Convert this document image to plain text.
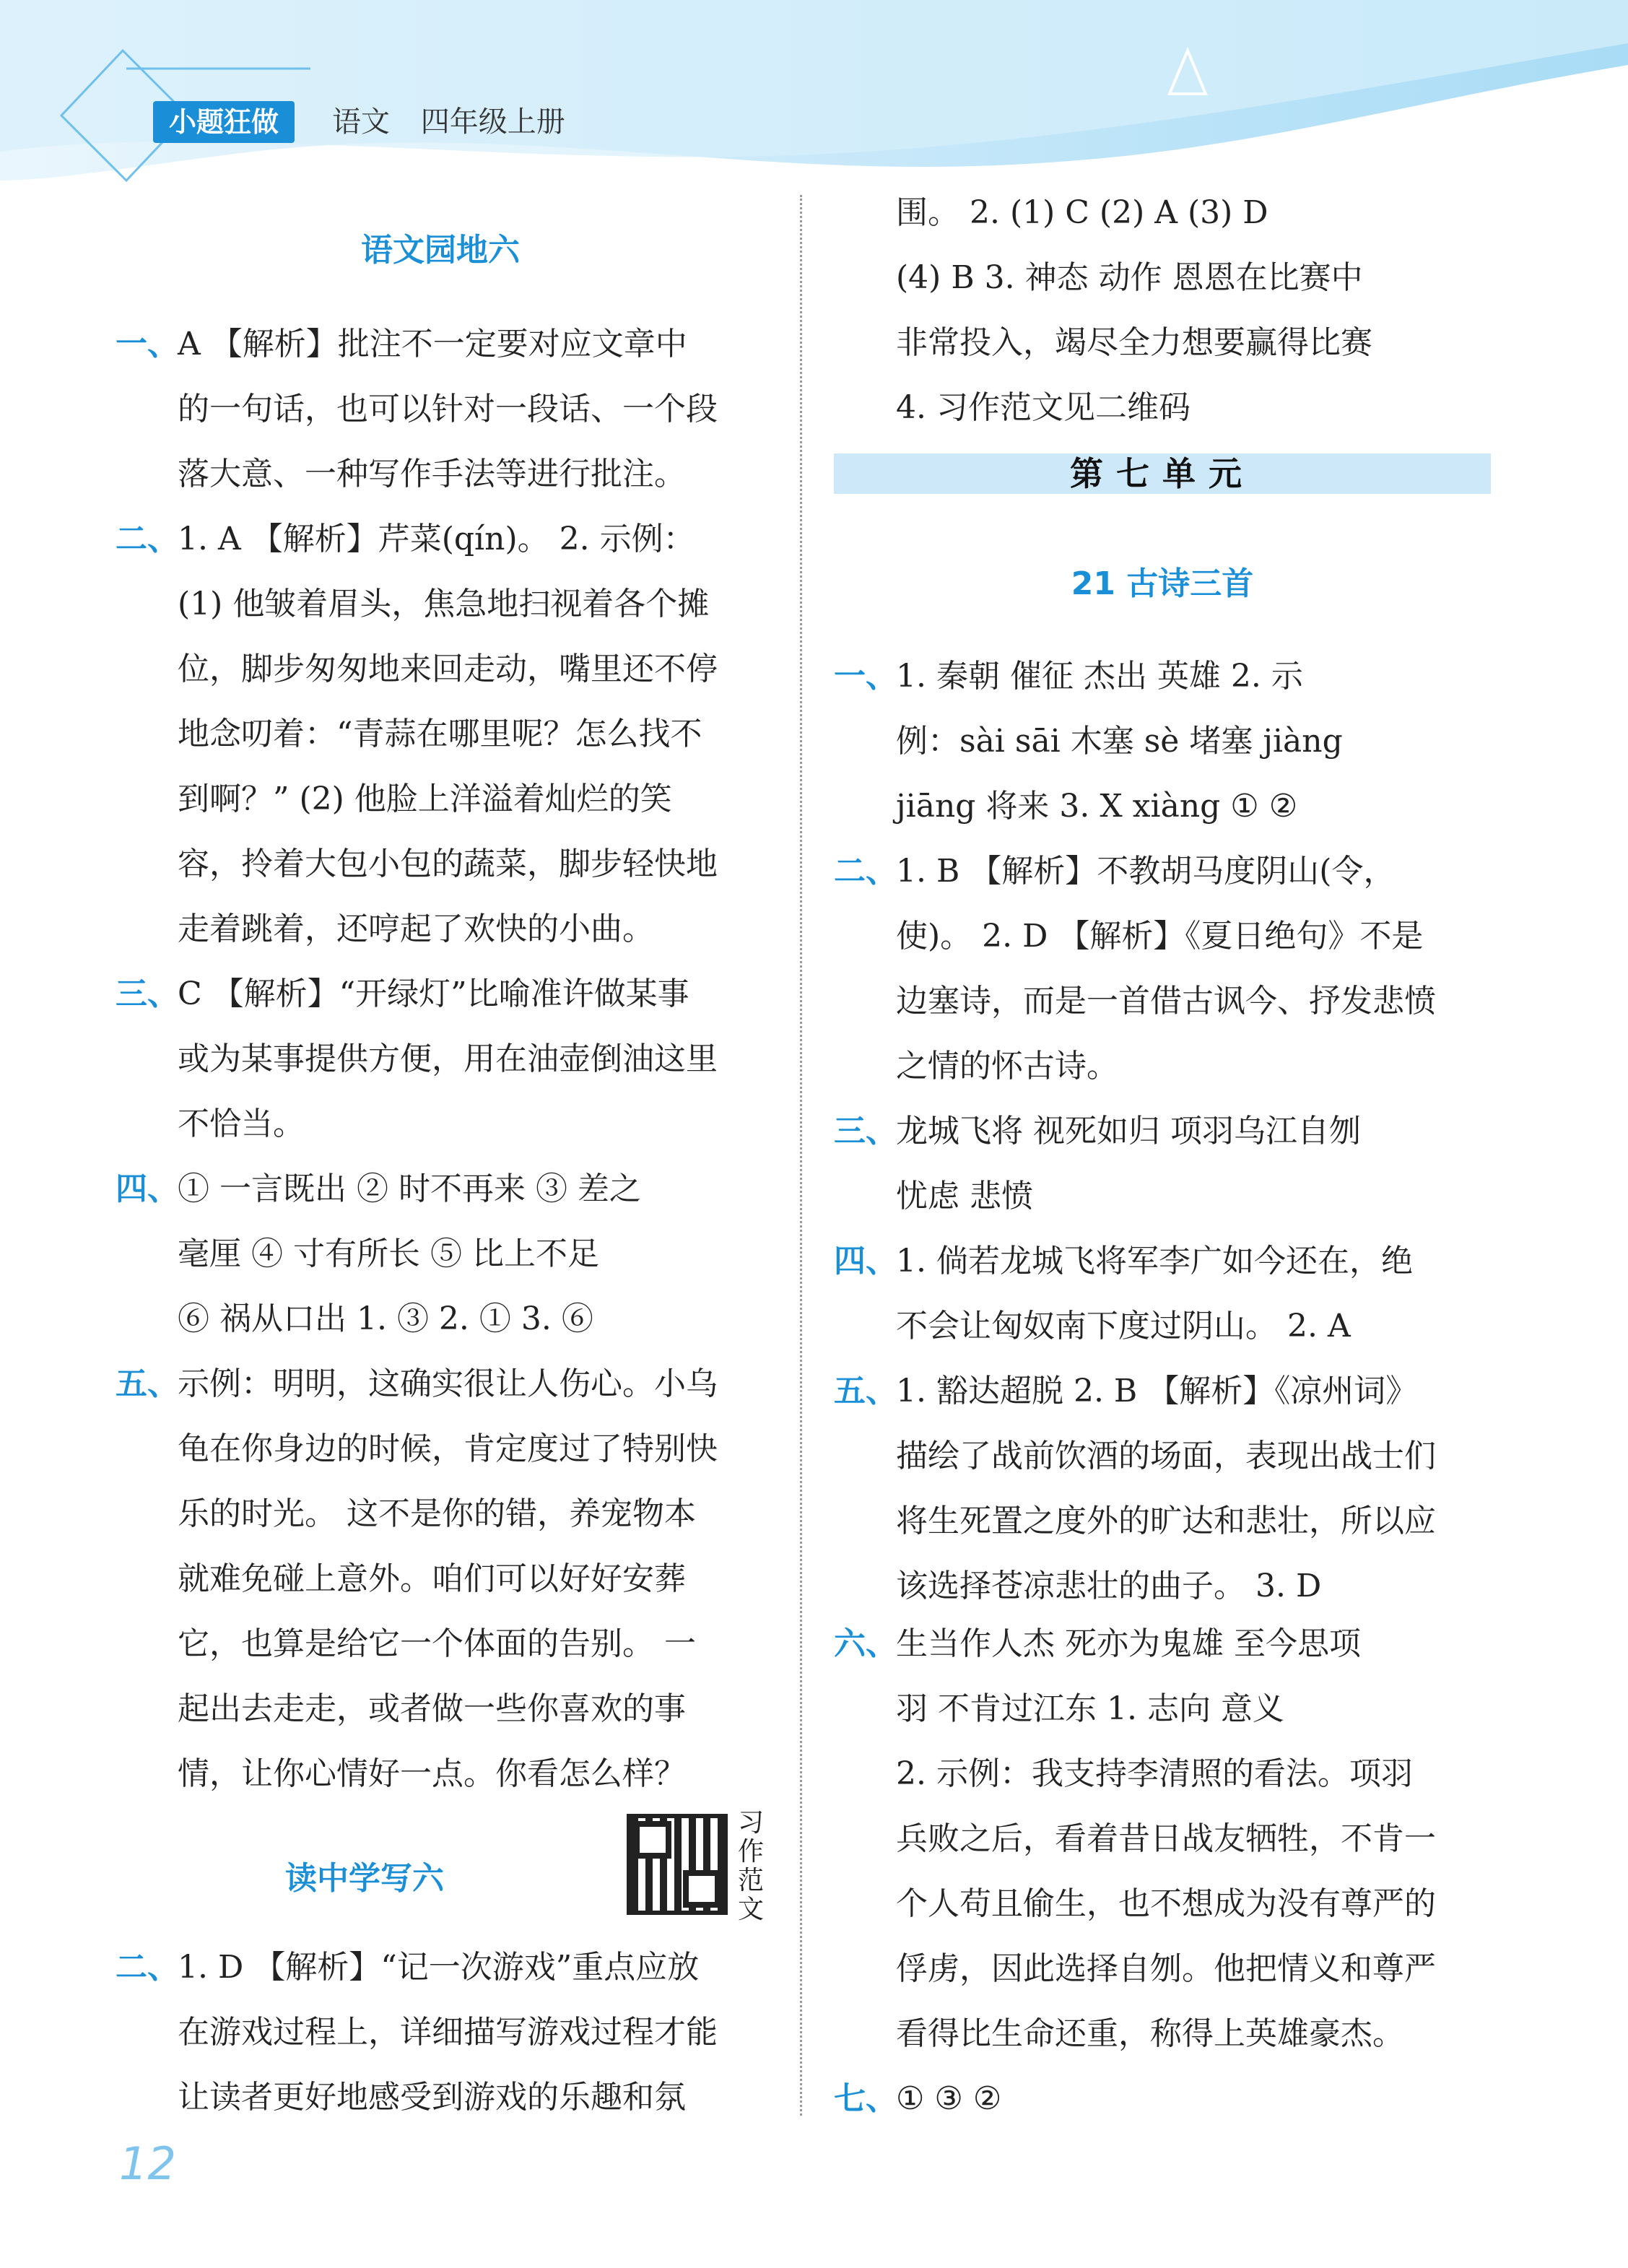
小题狂做	语文 四年级上册
语文园地六
一、
A 【解析】批注不一定要对应文章中
的一句话，也可以针对一段话、一个段
落大意、一种写作手法等进行批注。
二、
1. A 【解析】芹菜(qín)。 2. 示例：
(1) 他皱着眉头，焦急地扫视着各个摊
位，脚步匆匆地来回走动，嘴里还不停
地念叨着：“青蒜在哪里呢？怎么找不
到啊？” (2) 他脸上洋溢着灿烂的笑
容，拎着大包小包的蔬菜，脚步轻快地
走着跳着，还哼起了欢快的小曲。
三、
C 【解析】“开绿灯”比喻准许做某事
或为某事提供方便，用在油壶倒油这里
不恰当。
四、
① 一言既出 ② 时不再来 ③ 差之
毫厘 ④ 寸有所长 ⑤ 比上不足
⑥ 祸从口出 1. ③ 2. ① 3. ⑥
五、
示例：明明，这确实很让人伤心。小乌
龟在你身边的时候，肯定度过了特别快
乐的时光。 这不是你的错，养宠物本
就难免碰上意外。咱们可以好好安葬
它，也算是给它一个体面的告别。 一
起出去走走，或者做一些你喜欢的事
情，让你心情好一点。你看怎么样？
读中学写六
习作范文
二、
1. D 【解析】“记一次游戏”重点应放
在游戏过程上，详细描写游戏过程才能
让读者更好地感受到游戏的乐趣和氛
围。 2. (1) C (2) A (3) D
(4) B 3. 神态 动作 恩恩在比赛中
非常投入，竭尽全力想要赢得比赛
4. 习作范文见二维码
第七单元
21 古诗三首
一、
1. 秦朝 催征 杰出 英雄 2. 示
例：sài sāi 木塞 sè 堵塞 jiàng
jiāng 将来 3. X xiàng ① ②
二、
1. B 【解析】不教胡马度阴山(令，
使)。 2. D 【解析】《夏日绝句》不是
边塞诗，而是一首借古讽今、抒发悲愤
之情的怀古诗。
三、
龙城飞将 视死如归 项羽乌江自刎
忧虑 悲愤
四、
1. 倘若龙城飞将军李广如今还在，绝
不会让匈奴南下度过阴山。 2. A
五、
1. 豁达超脱 2. B 【解析】《凉州词》
描绘了战前饮酒的场面，表现出战士们
将生死置之度外的旷达和悲壮，所以应
该选择苍凉悲壮的曲子。 3. D
六、
生当作人杰 死亦为鬼雄 至今思项
羽 不肯过江东 1. 志向 意义
2. 示例：我支持李清照的看法。项羽
兵败之后，看着昔日战友牺牲，不肯一
个人苟且偷生，也不想成为没有尊严的
俘虏，因此选择自刎。他把情义和尊严
看得比生命还重，称得上英雄豪杰。
七、
① ③ ②
12
